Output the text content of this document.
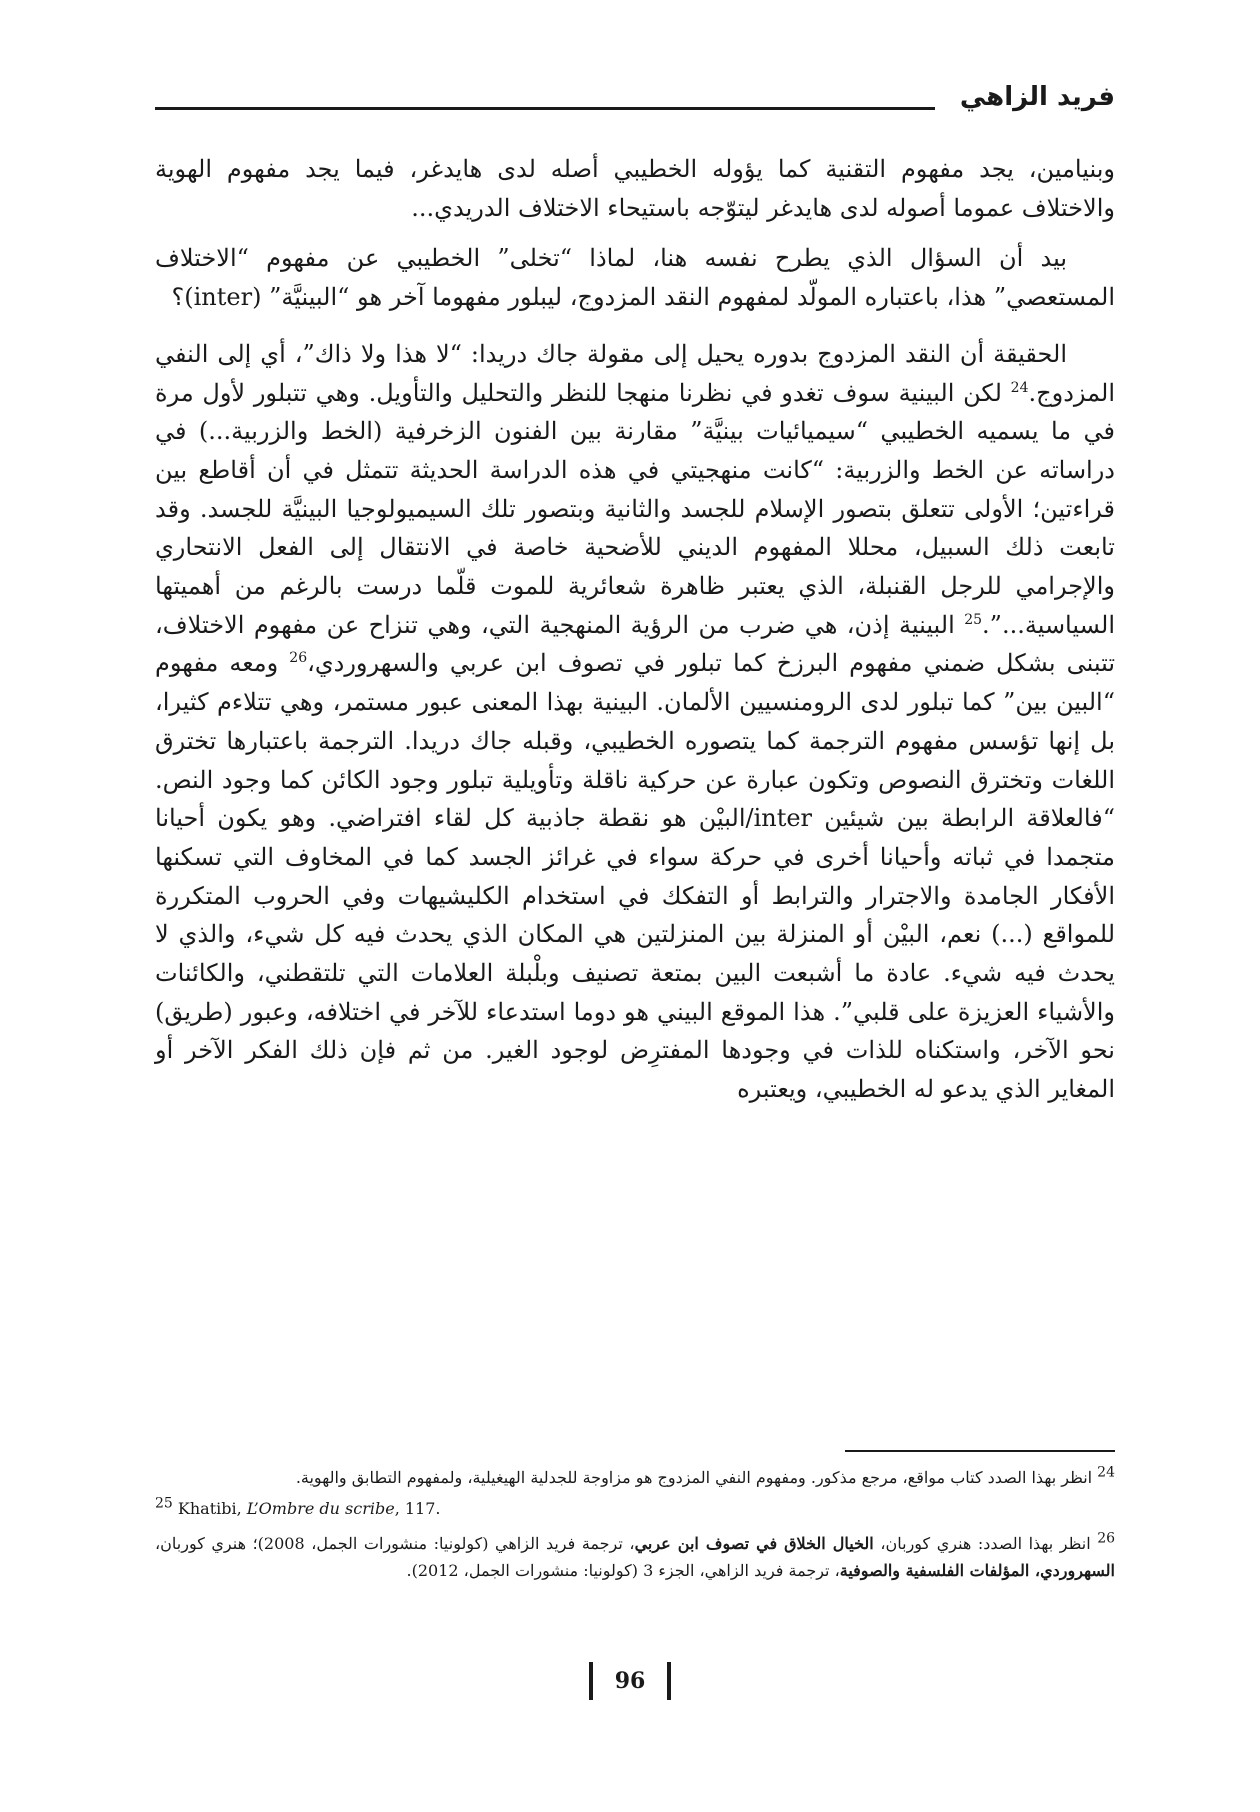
فريد الزاهي

وبنيامين، يجد مفهوم التقنية كما يؤوله الخطيبي أصله لدى هايدغر، فيما يجد مفهوم الهوية والاختلاف عموما أصوله لدى هايدغر ليتوّجه باستيحاء الاختلاف الدريدي...

بيد أن السؤال الذي يطرح نفسه هنا، لماذا “تخلى” الخطيبي عن مفهوم “الاختلاف المستعصي” هذا، باعتباره المولّد لمفهوم النقد المزدوج، ليبلور مفهوما آخر هو “البينيَّة” (inter)؟

الحقيقة أن النقد المزدوج بدوره يحيل إلى مقولة جاك دريدا: “لا هذا ولا ذاك”، أي إلى النفي المزدوج.$^{24}$ لكن البينية سوف تغدو في نظرنا منهجا للنظر والتحليل والتأويل. وهي تتبلور لأول مرة في ما يسميه الخطيبي “سيميائيات بينيَّة” مقارنة بين الفنون الزخرفية (الخط والزربية...) في دراساته عن الخط والزربية: “كانت منهجيتي في هذه الدراسة الحديثة تتمثل في أن أقاطع بين قراءتين؛ الأولى تتعلق بتصور الإسلام للجسد والثانية وبتصور تلك السيميولوجيا البينيَّة للجسد. وقد تابعت ذلك السبيل، محللا المفهوم الديني للأضحية خاصة في الانتقال إلى الفعل الانتحاري والإجرامي للرجل القنبلة، الذي يعتبر ظاهرة شعائرية للموت قلّما درست بالرغم من أهميتها السياسية...”.$^{25}$ البينية إذن، هي ضرب من الرؤية المنهجية التي، وهي تنزاح عن مفهوم الاختلاف، تتبنى بشكل ضمني مفهوم البرزخ كما تبلور في تصوف ابن عربي والسهروردي،$^{26}$ ومعه مفهوم “البين بين” كما تبلور لدى الرومنسيين الألمان. البينية بهذا المعنى عبور مستمر، وهي تتلاءم كثيرا، بل إنها تؤسس مفهوم الترجمة كما يتصوره الخطيبي، وقبله جاك دريدا. الترجمة باعتبارها تخترق اللغات وتخترق النصوص وتكون عبارة عن حركية ناقلة وتأويلية تبلور وجود الكائن كما وجود النص. “فالعلاقة الرابطة بين شيئين inter/البيْن هو نقطة جاذبية كل لقاء افتراضي. وهو يكون أحيانا متجمدا في ثباته وأحيانا أخرى في حركة سواء في غرائز الجسد كما في المخاوف التي تسكنها الأفكار الجامدة والاجترار والترابط أو التفكك في استخدام الكليشيهات وفي الحروب المتكررة للمواقع (...) نعم، البيْن أو المنزلة بين المنزلتين هي المكان الذي يحدث فيه كل شيء، والذي لا يحدث فيه شيء. عادة ما أشبعت البين بمتعة تصنيف وبلْبلة العلامات التي تلتقطني، والكائنات والأشياء العزيزة على قلبي”. هذا الموقع البيني هو دوما استدعاء للآخر في اختلافه، وعبور (طريق) نحو الآخر، واستكناه للذات في وجودها المفترِض لوجود الغير. من ثم فإن ذلك الفكر الآخر أو المغاير الذي يدعو له الخطيبي، ويعتبره

$^{24}$ انظر بهذا الصدد كتاب مواقع، مرجع مذكور. ومفهوم النفي المزدوج هو مزاوجة للجدلية الهيغيلية، ولمفهوم التطابق والهوية.

$^{25}$ Khatibi, L’Ombre du scribe, 117.

$^{26}$ انظر بهذا الصدد: هنري كوربان، الخيال الخلاق في تصوف ابن عربي، ترجمة فريد الزاهي (كولونيا: منشورات الجمل، 2008)؛ هنري كوربان، السهروردي، المؤلفات الفلسفية والصوفية، ترجمة فريد الزاهي، الجزء 3 (كولونيا: منشورات الجمل، 2012).

96
